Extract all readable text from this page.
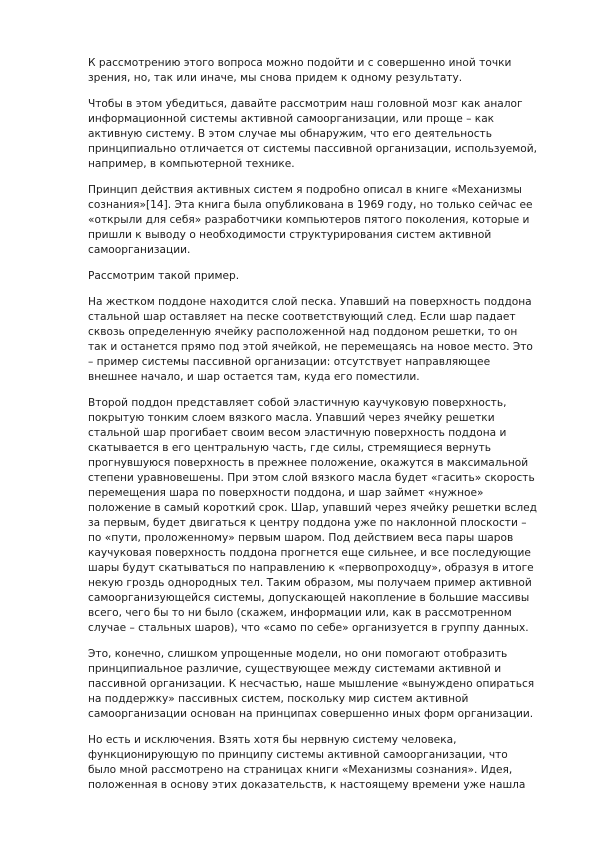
К рассмотрению этого вопроса можно подойти и с совершенно иной точки
зрения, но, так или иначе, мы снова придем к одному результату.

Чтобы в этом убедиться, давайте рассмотрим наш головной мозг как аналог
информационной системы активной самоорганизации, или проще – как
активную систему. В этом случае мы обнаружим, что его деятельность
принципиально отличается от системы пассивной организации, используемой,
например, в компьютерной технике.

Принцип действия активных систем я подробно описал в книге «Механизмы
сознания»[14]. Эта книга была опубликована в 1969 году, но только сейчас ее
«открыли для себя» разработчики компьютеров пятого поколения, которые и
пришли к выводу о необходимости структурирования систем активной
самоорганизации.

Рассмотрим такой пример.

На жестком поддоне находится слой песка. Упавший на поверхность поддона
стальной шар оставляет на песке соответствующий след. Если шар падает
сквозь определенную ячейку расположенной над поддоном решетки, то он
так и останется прямо под этой ячейкой, не перемещаясь на новое место. Это
– пример системы пассивной организации: отсутствует направляющее
внешнее начало, и шар остается там, куда его поместили.

Второй поддон представляет собой эластичную каучуковую поверхность,
покрытую тонким слоем вязкого масла. Упавший через ячейку решетки
стальной шар прогибает своим весом эластичную поверхность поддона и
скатывается в его центральную часть, где силы, стремящиеся вернуть
прогнувшуюся поверхность в прежнее положение, окажутся в максимальной
степени уравновешены. При этом слой вязкого масла будет «гасить» скорость
перемещения шара по поверхности поддона, и шар займет «нужное»
положение в самый короткий срок. Шар, упавший через ячейку решетки вслед
за первым, будет двигаться к центру поддона уже по наклонной плоскости –
по «пути, проложенному» первым шаром. Под действием веса пары шаров
каучуковая поверхность поддона прогнется еще сильнее, и все последующие
шары будут скатываться по направлению к «первопроходцу», образуя в итоге
некую гроздь однородных тел. Таким образом, мы получаем пример активной
самоорганизующейся системы, допускающей накопление в большие массивы
всего, чего бы то ни было (скажем, информации или, как в рассмотренном
случае – стальных шаров), что «само по себе» организуется в группу данных.

Это, конечно, слишком упрощенные модели, но они помогают отобразить
принципиальное различие, существующее между системами активной и
пассивной организации. К несчастью, наше мышление «вынуждено опираться
на поддержку» пассивных систем, поскольку мир систем активной
самоорганизации основан на принципах совершенно иных форм организации.

Но есть и исключения. Взять хотя бы нервную систему человека,
функционирующую по принципу системы активной самоорганизации, что
было мной рассмотрено на страницах книги «Механизмы сознания». Идея,
положенная в основу этих доказательств, к настоящему времени уже нашла
